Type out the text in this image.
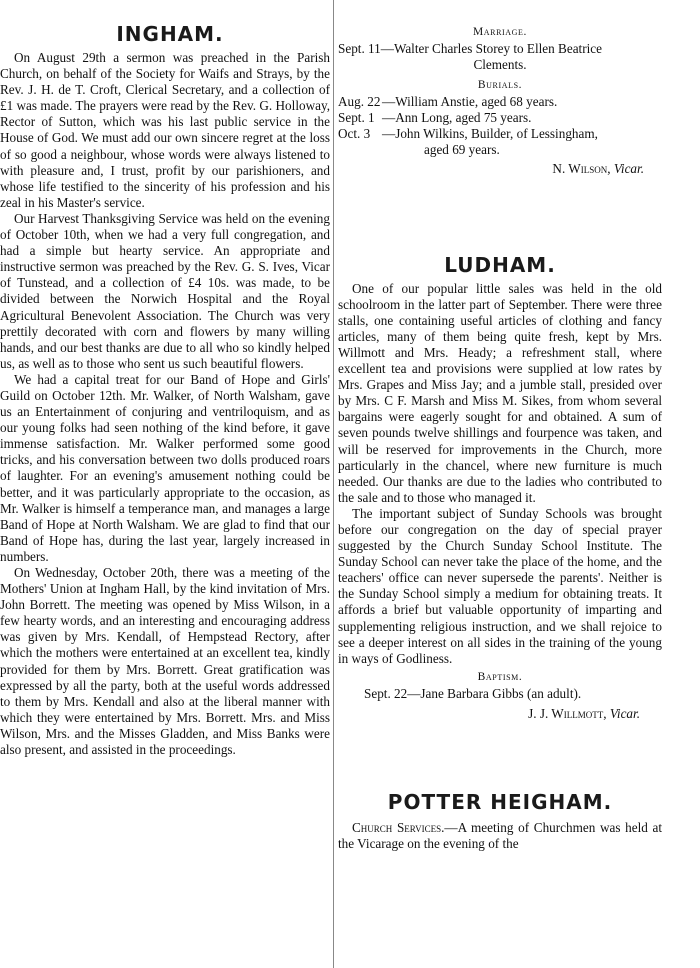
INGHAM.

On August 29th a sermon was preached in the Parish Church, on behalf of the Society for Waifs and Strays, by the Rev. J. H. de T. Croft, Clerical Secretary, and a collection of £1 was made. The prayers were read by the Rev. G. Holloway, Rector of Sutton, which was his last public service in the House of God. We must add our own sincere regret at the loss of so good a neighbour, whose words were always listened to with pleasure and, I trust, profit by our parishioners, and whose life testified to the sincerity of his profession and his zeal in his Master's service.

Our Harvest Thanksgiving Service was held on the evening of October 10th, when we had a very full congregation, and had a simple but hearty service. An appropriate and instructive sermon was preached by the Rev. G. S. Ives, Vicar of Tunstead, and a collection of £4 10s. was made, to be divided between the Norwich Hospital and the Royal Agricultural Benevolent Association. The Church was very prettily decorated with corn and flowers by many willing hands, and our best thanks are due to all who so kindly helped us, as well as to those who sent us such beautiful flowers.

We had a capital treat for our Band of Hope and Girls' Guild on October 12th. Mr. Walker, of North Walsham, gave us an Entertainment of conjuring and ventriloquism, and as our young folks had seen nothing of the kind before, it gave immense satisfaction. Mr. Walker performed some good tricks, and his conversation between two dolls produced roars of laughter. For an evening's amusement nothing could be better, and it was particularly appropriate to the occasion, as Mr. Walker is himself a temperance man, and manages a large Band of Hope at North Walsham. We are glad to find that our Band of Hope has, during the last year, largely increased in numbers.

On Wednesday, October 20th, there was a meeting of the Mothers' Union at Ingham Hall, by the kind invitation of Mrs. John Borrett. The meeting was opened by Miss Wilson, in a few hearty words, and an interesting and encouraging address was given by Mrs. Kendall, of Hempstead Rectory, after which the mothers were entertained at an excellent tea, kindly provided for them by Mrs. Borrett. Great gratification was expressed by all the party, both at the useful words addressed to them by Mrs. Kendall and also at the liberal manner with which they were entertained by Mrs. Borrett. Mrs. and Miss Wilson, Mrs. and the Misses Gladden, and Miss Banks were also present, and assisted in the proceedings.

Marriage.

Sept. 11—Walter Charles Storey to Ellen Beatrice

Clements.

Burials.

Aug. 22 —William Anstie, aged 68 years.

Sept. 1 —Ann Long, aged 75 years.

Oct. 3 —John Wilkins, Builder, of Lessingham,

aged 69 years.

N. Wilson, Vicar.

LUDHAM.

One of our popular little sales was held in the old schoolroom in the latter part of September. There were three stalls, one containing useful articles of clothing and fancy articles, many of them being quite fresh, kept by Mrs. Willmott and Mrs. Heady; a refreshment stall, where excellent tea and provisions were supplied at low rates by Mrs. Grapes and Miss Jay; and a jumble stall, presided over by Mrs. C F. Marsh and Miss M. Sikes, from whom several bargains were eagerly sought for and obtained. A sum of seven pounds twelve shillings and fourpence was taken, and will be reserved for improvements in the Church, more particularly in the chancel, where new furniture is much needed. Our thanks are due to the ladies who contributed to the sale and to those who managed it.

The important subject of Sunday Schools was brought before our congregation on the day of special prayer suggested by the Church Sunday School Institute. The Sunday School can never take the place of the home, and the teachers' office can never supersede the parents'. Neither is the Sunday School simply a medium for obtaining treats. It affords a brief but valuable opportunity of imparting and supplementing religious instruction, and we shall rejoice to see a deeper interest on all sides in the training of the young in ways of Godliness.

Baptism.

Sept. 22—Jane Barbara Gibbs (an adult).

J. J. Willmott, Vicar.

POTTER HEIGHAM.

Church Services.—A meeting of Churchmen was held at the Vicarage on the evening of the
